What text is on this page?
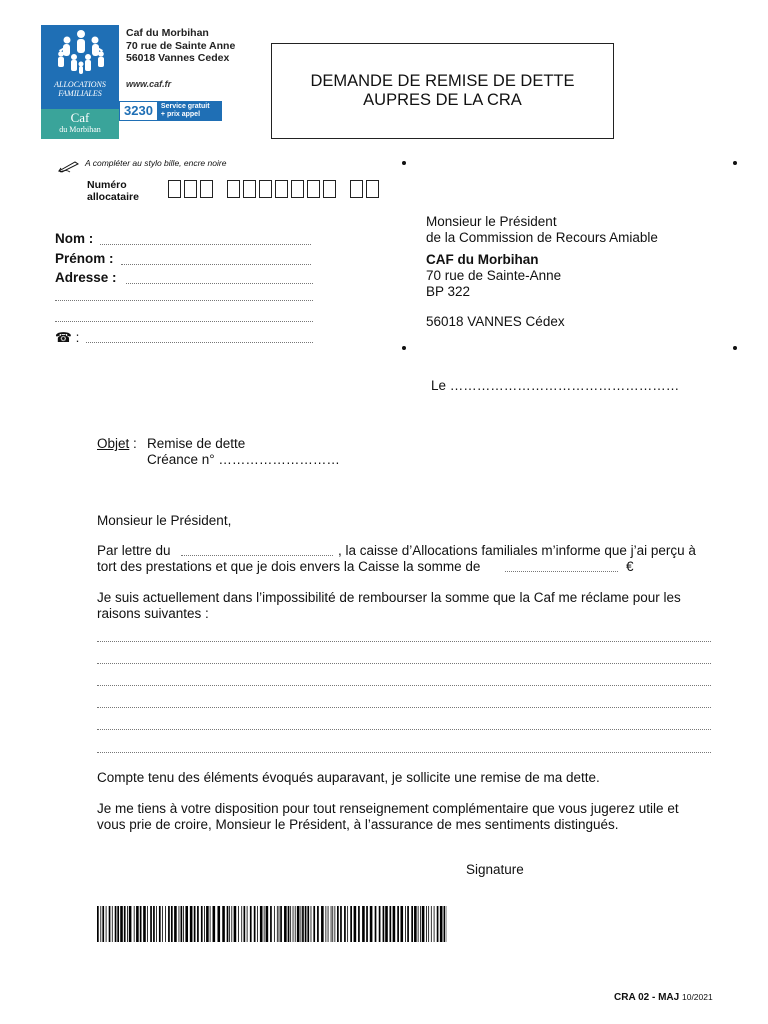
ALLOCATIONS
FAMILIALES
Caf
du Morbihan
Caf du Morbihan
70 rue de Sainte Anne
56018 Vannes Cedex
www.caf.fr
3230	Service gratuit
+ prix appel
DEMANDE DE REMISE DE DETTE
AUPRES DE LA CRA
A compléter au stylo bille, encre noire
Numéro
allocataire
Nom :
Prénom :
Adresse :
☎ :
Monsieur le Président
de la Commission de Recours Amiable
CAF du Morbihan
70 rue de Sainte-Anne
BP 322
56018 VANNES Cédex
Le ……………………………………………
Objet : Remise de dette
Créance n° ………………………
Monsieur le Président,
Par lettre du	, la caisse d’Allocations familiales m’informe que j’ai perçu à
tort des prestations et que je dois envers la Caisse la somme de	€
Je suis actuellement dans l’impossibilité de rembourser la somme que la Caf me réclame pour les
raisons suivantes :
Compte tenu des éléments évoqués auparavant, je sollicite une remise de ma dette.
Je me tiens à votre disposition pour tout renseignement complémentaire que vous jugerez utile et
vous prie de croire, Monsieur le Président, à l’assurance de mes sentiments distingués.
Signature
CRA 02 - MAJ 10/2021
